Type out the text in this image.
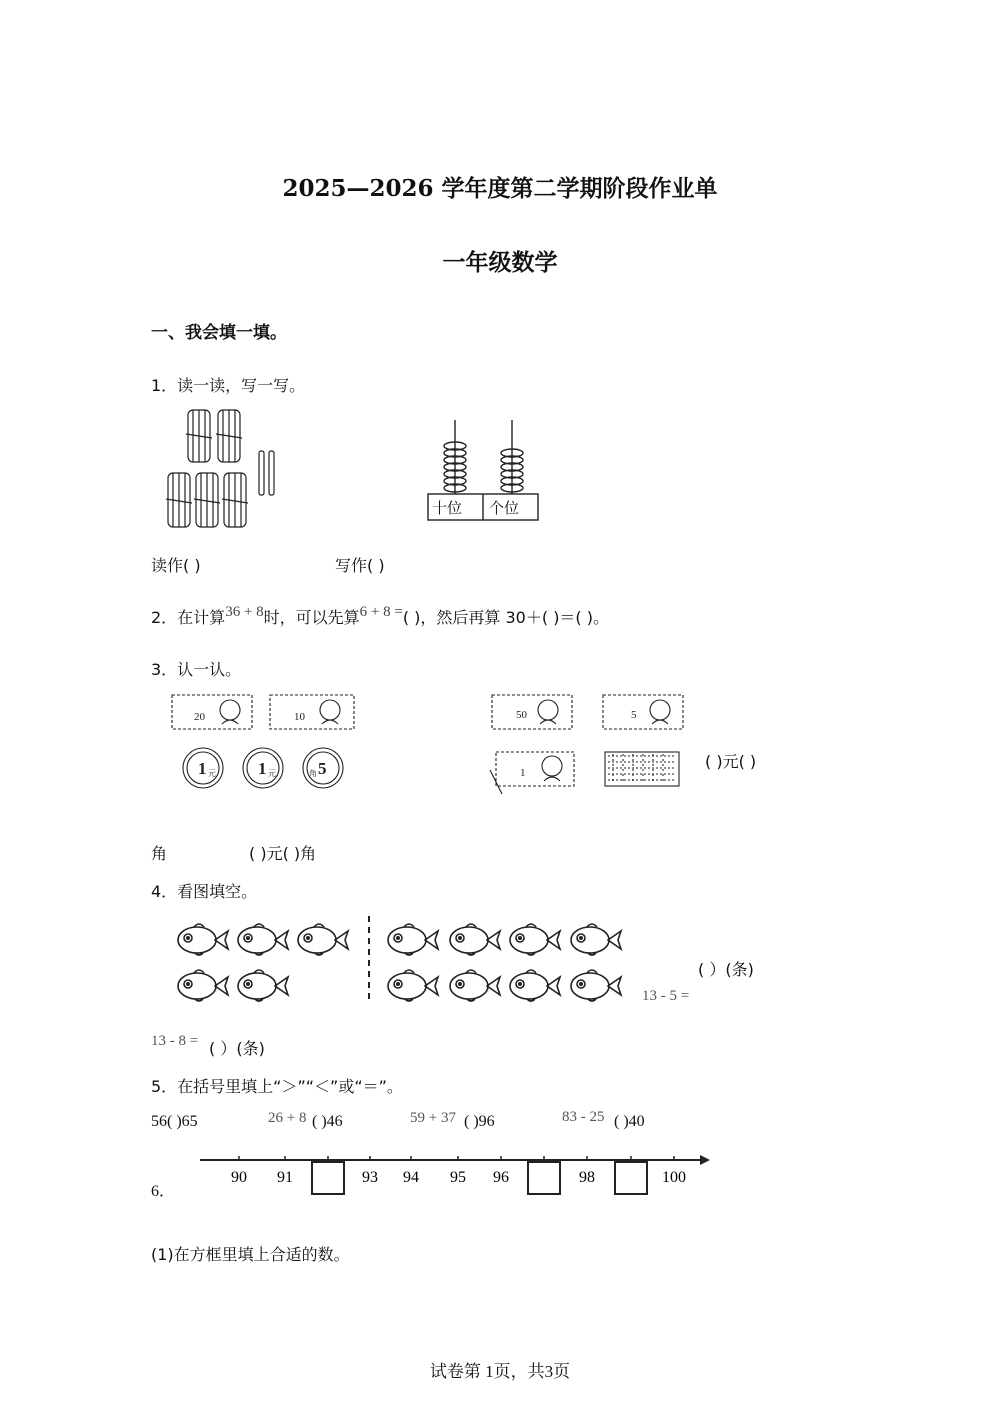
2025—2026 学年度第二学期阶段作业单
一年级数学
一、我会填一填。
1．读一读，写一写。
十位 个位
读作( )	写作( )
2．在计算36 + 8时，可以先算6 + 8 =( )，然后再算 30＋( )＝( )。
3．认一认。
20	10
1 元 1 元 5
角
50	5
1
( )元( )
角	( )元( )角
4．看图填空。
( ）(条)
13 - 5 =
13 - 8 = ( ）(条)
5．在括号里填上“＞”“＜”或“＝”。
56( )65	26 + 8 ( )46	59 + 37 ( )96	83 - 25 ( )40
6．
90 91	93 94 95 96	98	100
(1)在方框里填上合适的数。
试卷第 1页，共3页
